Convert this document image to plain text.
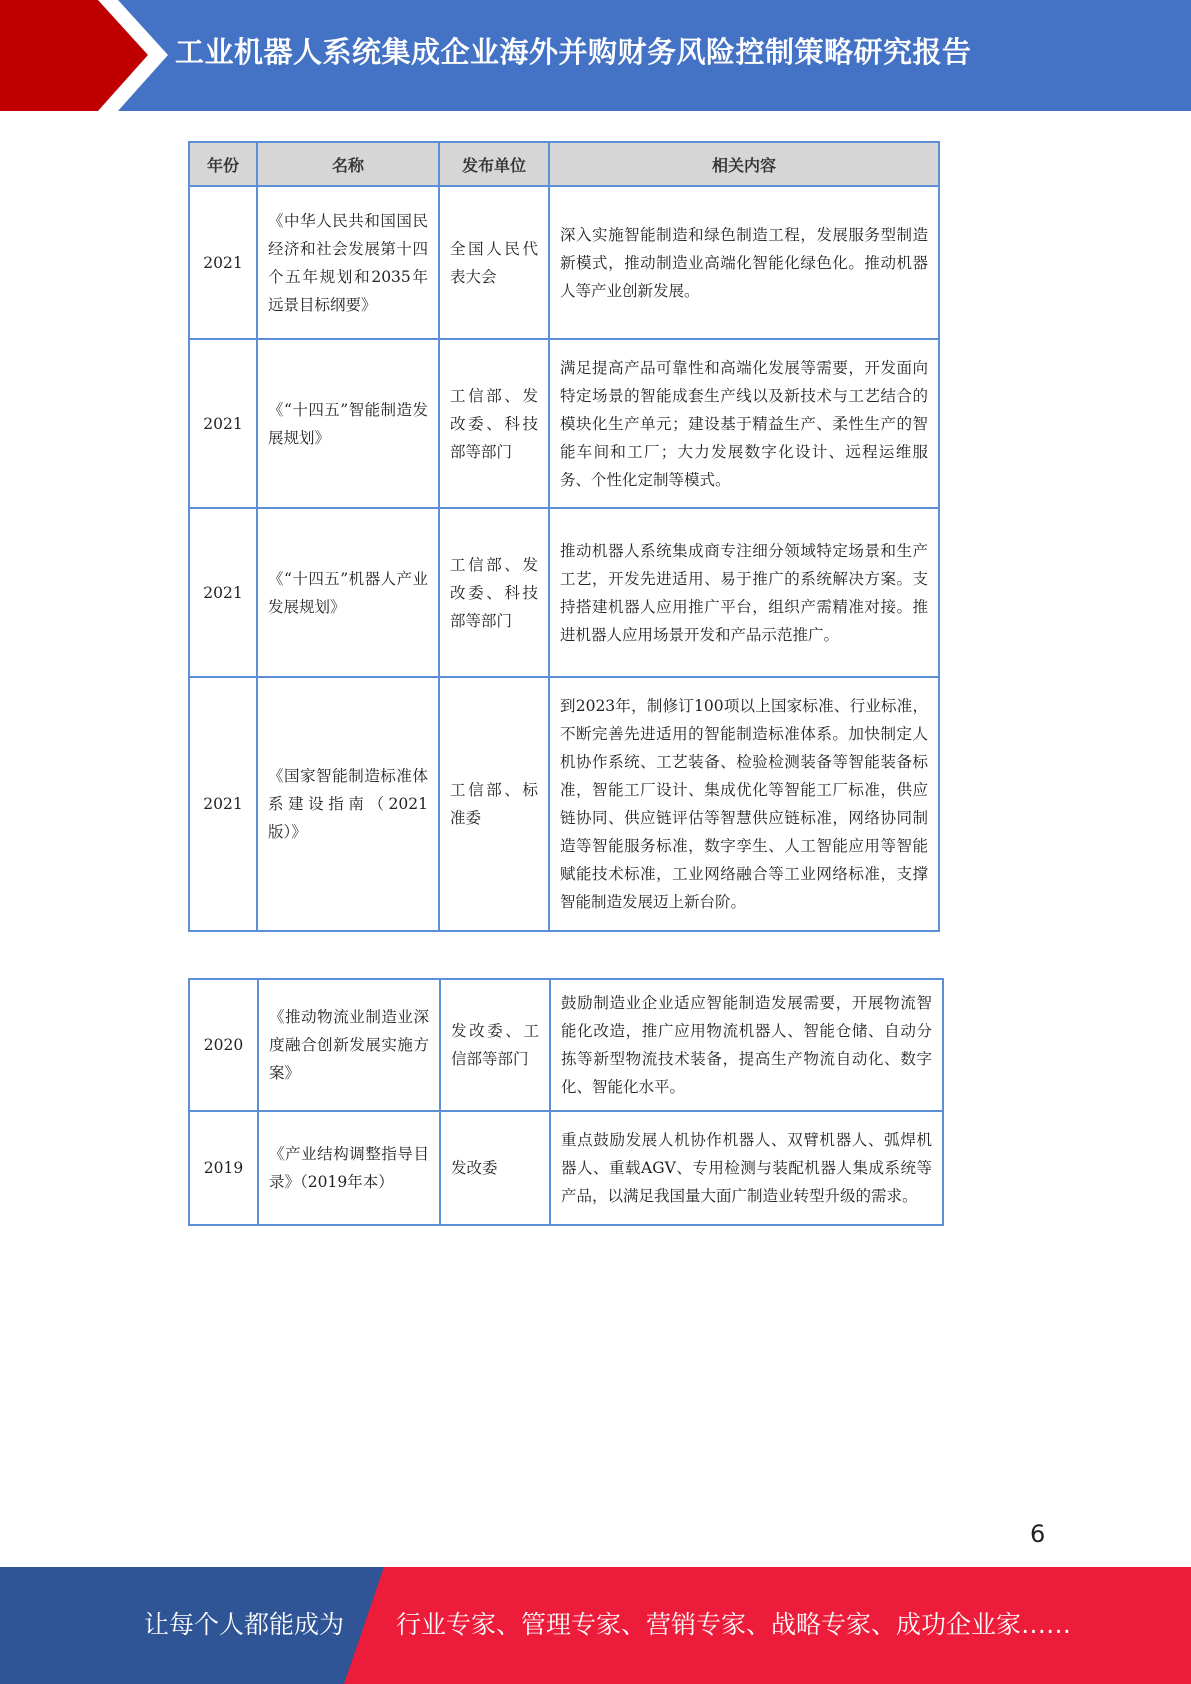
工业机器人系统集成企业海外并购财务风险控制策略研究报告
年份	名称	发布单位	相关内容
2021	《中华人民共和国国民经济和社会发展第十四个五年规划和2035年远景目标纲要》	全国人民代表大会	深入实施智能制造和绿色制造工程，发展服务型制造新模式，推动制造业高端化智能化绿色化。推动机器人等产业创新发展。
2021	《“十四五”智能制造发展规划》	工信部、发改委、科技部等部门	满足提高产品可靠性和高端化发展等需要，开发面向特定场景的智能成套生产线以及新技术与工艺结合的模块化生产单元；建设基于精益生产、柔性生产的智能车间和工厂；大力发展数字化设计、远程运维服务、个性化定制等模式。
2021	《“十四五”机器人产业发展规划》	工信部、发改委、科技部等部门	推动机器人系统集成商专注细分领域特定场景和生产工艺，开发先进适用、易于推广的系统解决方案。支持搭建机器人应用推广平台，组织产需精准对接。推进机器人应用场景开发和产品示范推广。
2021	《国家智能制造标准体系建设指南（2021版）》	工信部、标准委	到2023年，制修订100项以上国家标准、行业标准，不断完善先进适用的智能制造标准体系。加快制定人机协作系统、工艺装备、检验检测装备等智能装备标准，智能工厂设计、集成优化等智能工厂标准，供应链协同、供应链评估等智慧供应链标准，网络协同制造等智能服务标准，数字孪生、人工智能应用等智能赋能技术标准，工业网络融合等工业网络标准，支撑智能制造发展迈上新台阶。
2020	《推动物流业制造业深度融合创新发展实施方案》	发改委、工信部等部门	鼓励制造业企业适应智能制造发展需要，开展物流智能化改造，推广应用物流机器人、智能仓储、自动分拣等新型物流技术装备，提高生产物流自动化、数字化、智能化水平。
2019	《产业结构调整指导目录》（2019年本）	发改委	重点鼓励发展人机协作机器人、双臂机器人、弧焊机器人、重载AGV、专用检测与装配机器人集成系统等产品，以满足我国量大面广制造业转型升级的需求。
6
让每个人都能成为 行业专家、管理专家、营销专家、战略专家、成功企业家……
